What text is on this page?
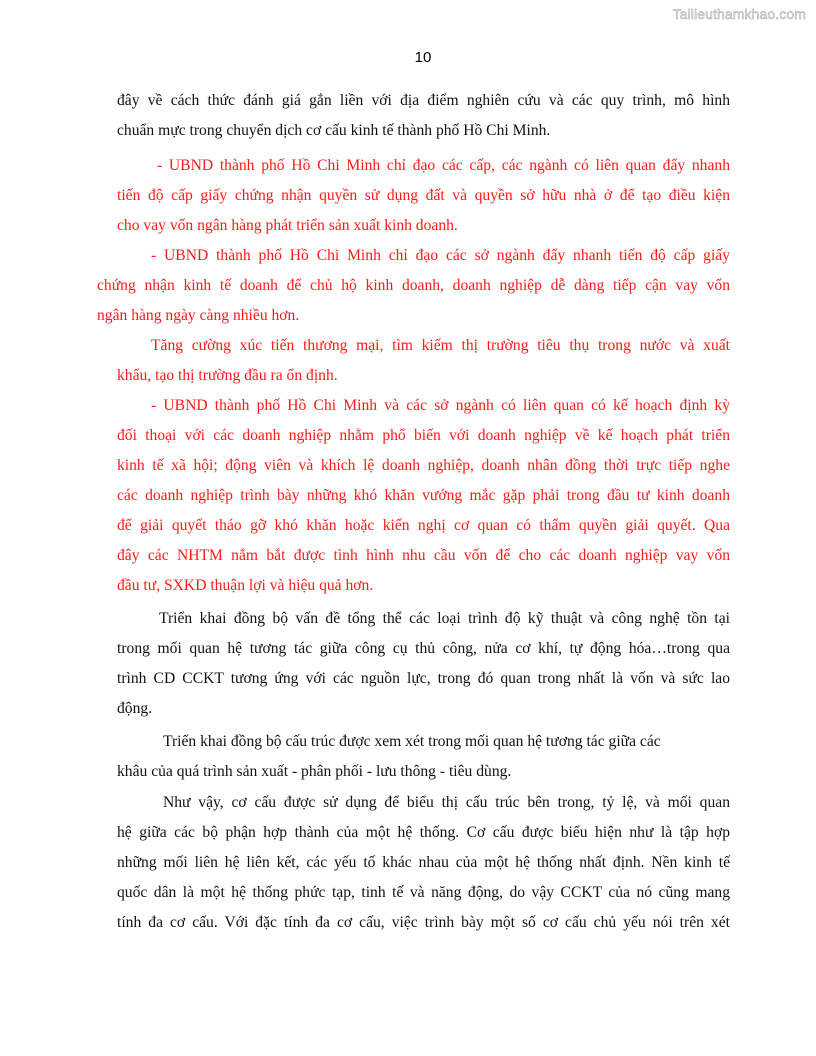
Tailieuthamkhao.com
10
đây về cách thức đánh giá gắn liền với địa điểm nghiên cứu và các quy trình, mô hình
chuẩn mực trong chuyển dịch cơ cấu kinh tế thành phố Hồ Chi Minh.
- UBND thành phố Hồ Chi Minh chỉ đạo các cấp, các ngành có liên quan đẩy nhanh
tiến độ cấp giấy chứng nhận quyền sử dụng đất và quyền sở hữu nhà ở để tạo điều kiện
cho vay vốn ngân hàng phát triển sản xuất kinh doanh.
- UBND thành phố Hồ Chi Minh chỉ đạo các sở ngành đẩy nhanh tiến độ cấp giấy
chứng nhận kinh tế doanh để chủ hộ kinh doanh, doanh nghiệp dễ dàng tiếp cận vay vốn
ngân hàng ngày càng nhiều hơn.
Tăng cường xúc tiến thương mại, tìm kiếm thị trường tiêu thụ trong nước và xuất
khẩu, tạo thị trường đầu ra ổn định.
- UBND thành phố Hồ Chi Minh và các sở ngành có liên quan có kế hoạch định kỳ
đối thoại với các doanh nghiệp nhằm phổ biến với doanh nghiệp về kế hoạch phát triển
kinh tế xã hội; động viên và khích lệ doanh nghiệp, doanh nhân đồng thời trực tiếp nghe
các doanh nghiệp trình bày những khó khăn vướng mắc gặp phải trong đầu tư kinh doanh
để giải quyết tháo gỡ khó khăn hoặc kiến nghị cơ quan có thẩm quyền giải quyết. Qua
đây các NHTM nắm bắt được tình hình nhu cầu vốn để cho các doanh nghiệp vay vốn
đầu tư, SXKD thuận lợi và hiệu quả hơn.
Triển khai đồng bộ vấn đề tổng thể các loại trình độ kỹ thuật và công nghệ tồn tại
trong mối quan hệ tương tác giữa công cụ thủ công, nửa cơ khí, tự động hóa…trong qua
trình CD CCKT tương ứng với các nguồn lực, trong đó quan trong nhất là vốn và sức lao
động.
Triển khai đồng bộ cấu trúc được xem xét trong mối quan hệ tương tác giữa các
khâu của quá trình sản xuất - phân phối - lưu thông - tiêu dùng.
Như vậy, cơ cấu được sử dụng để biểu thị cấu trúc bên trong, tỷ lệ, và mối quan
hệ giữa các bộ phận hợp thành của một hệ thống. Cơ cấu được biểu hiện như là tập hợp
những mối liên hệ liên kết, các yếu tố khác nhau của một hệ thống nhất định. Nền kinh tế
quốc dân là một hệ thống phức tạp, tinh tế và năng động, do vậy CCKT của nó cũng mang
tính đa cơ cấu. Với đặc tính đa cơ cấu, việc trình bày một số cơ cấu chủ yếu nói trên xét
